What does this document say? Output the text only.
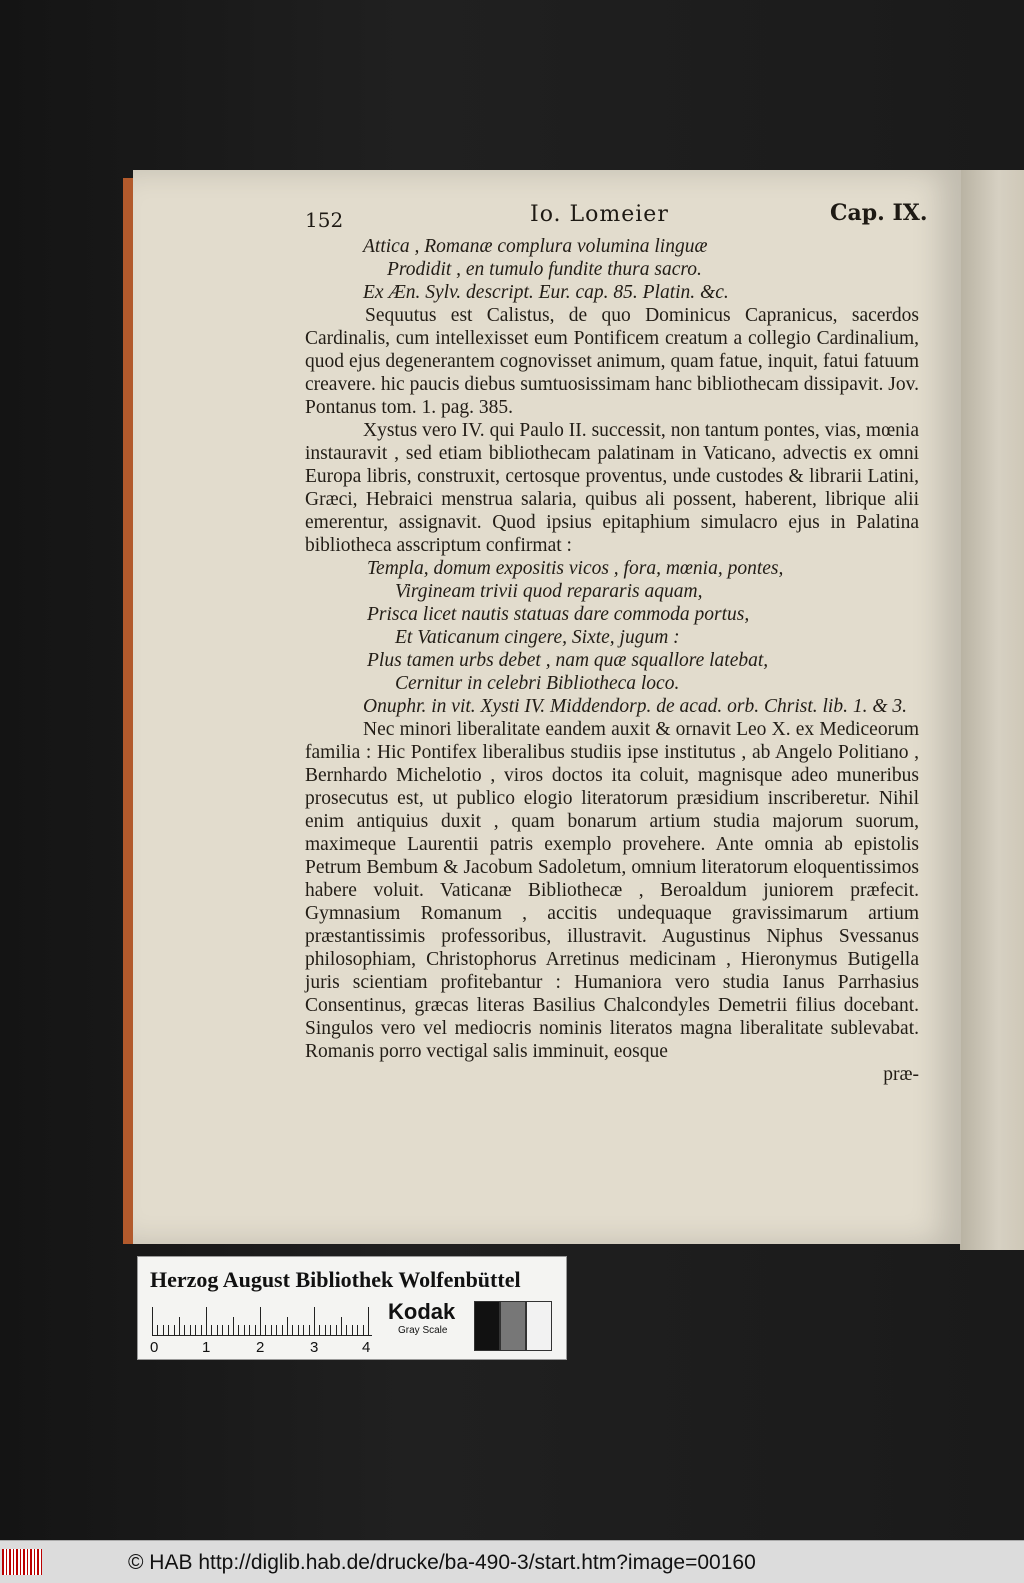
152	Io. Lomeier	Cap. IX.
Attica , Romanæ complura volumina linguæ
Prodidit , en tumulo fundite thura sacro.
Ex Æn. Sylv. descript. Eur. cap. 85. Platin. &c.
Sequutus est Calistus, de quo Dominicus Capranicus, sacerdos Cardinalis, cum intellexisset eum Pontificem creatum a collegio Cardinalium, quod ejus degenerantem cognovisset animum, quam fatue, inquit, fatui fatuum creavere. hic paucis diebus sumtuosissimam hanc bibliothecam dissipavit. Jov. Pontanus tom. 1. pag. 385.
Xystus vero IV. qui Paulo II. successit, non tantum pontes, vias, mœnia instauravit , sed etiam bibliothecam palatinam in Vaticano, advectis ex omni Europa libris, construxit, certosque proventus, unde custodes & librarii Latini, Græci, Hebraici menstrua salaria, quibus ali possent, haberent, librique alii emerentur, assignavit. Quod ipsius epitaphium simulacro ejus in Palatina bibliotheca asscriptum confirmat :
Templa, domum expositis vicos , fora, mœnia, pontes,
Virgineam trivii quod repararis aquam,
Prisca licet nautis statuas dare commoda portus,
Et Vaticanum cingere, Sixte, jugum :
Plus tamen urbs debet , nam quæ squallore latebat,
Cernitur in celebri Bibliotheca loco.
Onuphr. in vit. Xysti IV. Middendorp. de acad. orb. Christ. lib. 1. & 3.
Nec minori liberalitate eandem auxit & ornavit Leo X. ex Mediceorum familia : Hic Pontifex liberalibus studiis ipse institutus , ab Angelo Politiano , Bernhardo Michelotio , viros doctos ita coluit, magnisque adeo muneribus prosecutus est, ut publico elogio literatorum præsidium inscriberetur. Nihil enim antiquius duxit , quam bonarum artium studia majorum suorum, maximeque Laurentii patris exemplo provehere. Ante omnia ab epistolis Petrum Bembum & Jacobum Sadoletum, omnium literatorum eloquentissimos habere voluit. Vaticanæ Bibliothecæ , Beroaldum juniorem præfecit. Gymnasium Romanum , accitis undequaque gravissimarum artium præstantissimis professoribus, illustravit. Augustinus Niphus Svessanus philosophiam, Christophorus Arretinus medicinam , Hieronymus Butigella juris scientiam profitebantur : Humaniora vero studia Ianus Parrhasius Consentinus, græcas literas Basilius Chalcondyles Demetrii filius docebant. Singulos vero vel mediocris nominis literatos magna liberalitate sublevabat. Romanis porro vectigal salis imminuit, eosque
præ-
Herzog August Bibliothek Wolfenbüttel
0	1	2	3	4
Kodak
Gray Scale
© HAB http://diglib.hab.de/drucke/ba-490-3/start.htm?image=00160
